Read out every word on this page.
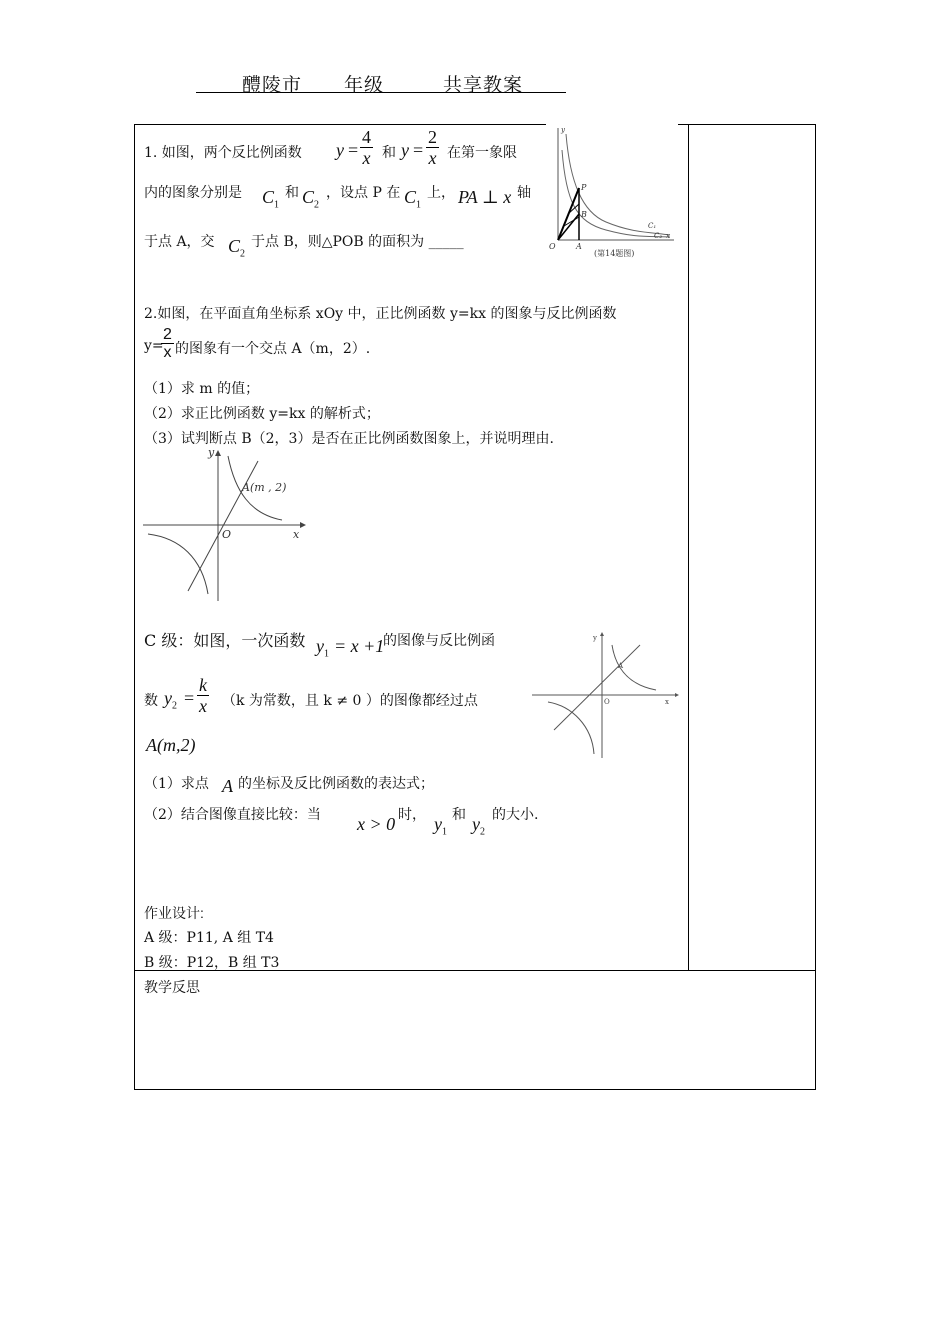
醴陵市 年级	共享教案
1. 如图，两个反比例函数 $y = \frac{4}{x}$ 和 $y = \frac{2}{x}$ 在第一象限
内的图象分别是 $C_1$
和 $C_2$
，设点 P 在 $C_1$
上， PA ⊥ x 轴
于点 A，交 $C_2$
于点 B，则△POB 的面积为 _____
y
P
B
O	A
C₁
C₂ x
(第14题图)
2.如图，在平面直角坐标系 xOy 中，正比例函数 y=kx 的图象与反比例函数
y=
$\frac{2}{x}$ 的图象有一个交点 A（m，2）.
（1）求 m 的值；
（2）求正比例函数 y=kx 的解析式；
（3）试判断点 B（2，3）是否在正比例函数图象上，并说明理由.
y
A(m , 2)
O	x
C 级：如图，一次函数 $y_1 = x +1$
的图像与反比例函
数 $y_2 = \frac{k}{x} (k$ 为常数，且 k ≠ 0 ）的图像都经过点
A(m,2)
（1）求点 A 的坐标及反比例函数的表达式；
（2）结合图像直接比较：当 x > 0 时， $y_1$
和 $y_2$
的大小.
y
A
O	x
作业设计:
A 级：P11, A 组 T4
B 级：P12，B 组 T3
教学反思
